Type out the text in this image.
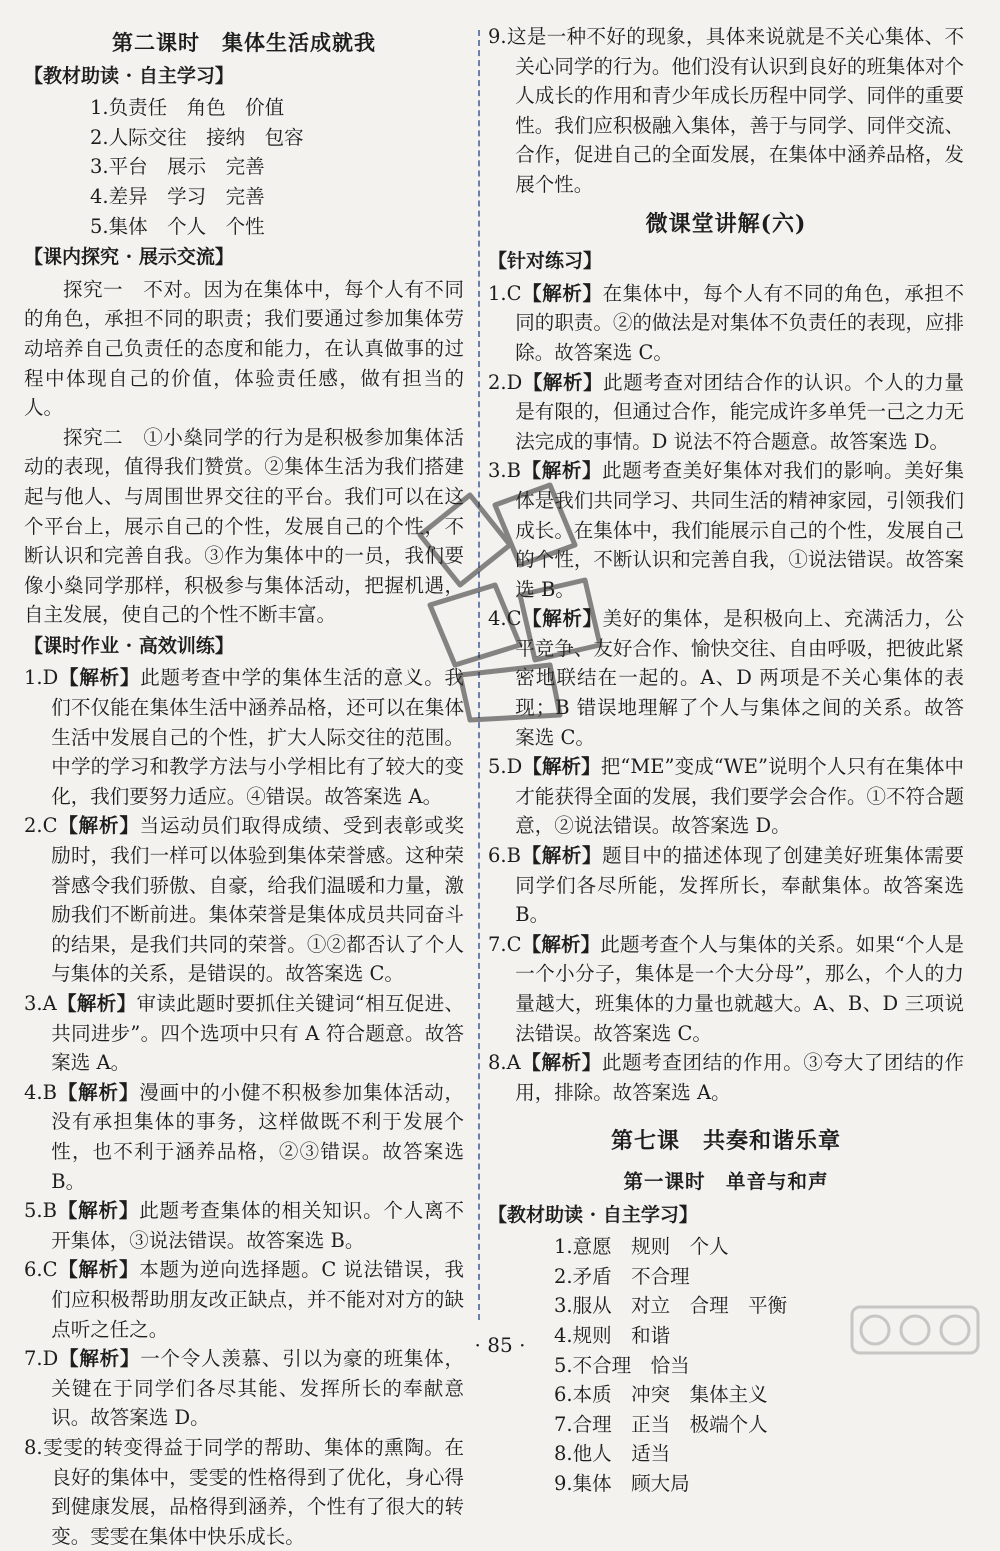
第二课时　集体生活成就我
【教材助读 · 自主学习】

1.负责任　角色　价值

2.人际交往　接纳　包容

3.平台　展示　完善

4.差异　学习　完善

5.集体　个人　个性

【课内探究 · 展示交流】

探究一　不对。因为在集体中，每个人有不同的角色，承担不同的职责；我们要通过参加集体劳动培养自己负责任的态度和能力，在认真做事的过程中体现自己的价值，体验责任感，做有担当的人。

探究二　①小燊同学的行为是积极参加集体活动的表现，值得我们赞赏。②集体生活为我们搭建起与他人、与周围世界交往的平台。我们可以在这个平台上，展示自己的个性，发展自己的个性，不断认识和完善自我。③作为集体中的一员，我们要像小燊同学那样，积极参与集体活动，把握机遇，自主发展，使自己的个性不断丰富。

【课时作业 · 高效训练】

1.D【解析】此题考查中学的集体生活的意义。我们不仅能在集体生活中涵养品格，还可以在集体生活中发展自己的个性，扩大人际交往的范围。中学的学习和教学方法与小学相比有了较大的变化，我们要努力适应。④错误。故答案选 A。

2.C【解析】当运动员们取得成绩、受到表彰或奖励时，我们一样可以体验到集体荣誉感。这种荣誉感令我们骄傲、自豪，给我们温暖和力量，激励我们不断前进。集体荣誉是集体成员共同奋斗的结果，是我们共同的荣誉。①②都否认了个人与集体的关系，是错误的。故答案选 C。

3.A【解析】审读此题时要抓住关键词“相互促进、共同进步”。四个选项中只有 A 符合题意。故答案选 A。

4.B【解析】漫画中的小健不积极参加集体活动，没有承担集体的事务，这样做既不利于发展个性，也不利于涵养品格，②③错误。故答案选 B。

5.B【解析】此题考查集体的相关知识。个人离不开集体，③说法错误。故答案选 B。

6.C【解析】本题为逆向选择题。C 说法错误，我们应积极帮助朋友改正缺点，并不能对对方的缺点听之任之。

7.D【解析】一个令人羡慕、引以为豪的班集体，关键在于同学们各尽其能、发挥所长的奉献意识。故答案选 D。

8.雯雯的转变得益于同学的帮助、集体的熏陶。在良好的集体中，雯雯的性格得到了优化，身心得到健康发展，品格得到涵养，个性有了很大的转变。雯雯在集体中快乐成长。

9.这是一种不好的现象，具体来说就是不关心集体、不关心同学的行为。他们没有认识到良好的班集体对个人成长的作用和青少年成长历程中同学、同伴的重要性。我们应积极融入集体，善于与同学、同伴交流、合作，促进自己的全面发展，在集体中涵养品格，发展个性。

微课堂讲解(六)
【针对练习】

1.C【解析】在集体中，每个人有不同的角色，承担不同的职责。②的做法是对集体不负责任的表现，应排除。故答案选 C。

2.D【解析】此题考查对团结合作的认识。个人的力量是有限的，但通过合作，能完成许多单凭一己之力无法完成的事情。D 说法不符合题意。故答案选 D。

3.B【解析】此题考查美好集体对我们的影响。美好集体是我们共同学习、共同生活的精神家园，引领我们成长。在集体中，我们能展示自己的个性，发展自己的个性，不断认识和完善自我，①说法错误。故答案选 B。

4.C【解析】美好的集体，是积极向上、充满活力，公平竞争、友好合作、愉快交往、自由呼吸，把彼此紧密地联结在一起的。A、D 两项是不关心集体的表现；B 错误地理解了个人与集体之间的关系。故答案选 C。

5.D【解析】把“ME”变成“WE”说明个人只有在集体中才能获得全面的发展，我们要学会合作。①不符合题意，②说法错误。故答案选 D。

6.B【解析】题目中的描述体现了创建美好班集体需要同学们各尽所能，发挥所长，奉献集体。故答案选 B。

7.C【解析】此题考查个人与集体的关系。如果“个人是一个小分子，集体是一个大分母”，那么，个人的力量越大，班集体的力量也就越大。A、B、D 三项说法错误。故答案选 C。

8.A【解析】此题考查团结的作用。③夸大了团结的作用，排除。故答案选 A。

第七课　共奏和谐乐章
第一课时　单音与和声
【教材助读 · 自主学习】

1.意愿　规则　个人

2.矛盾　不合理

3.服从　对立　合理　平衡

4.规则　和谐

5.不合理　恰当

6.本质　冲突　集体主义

7.合理　正当　极端个人

8.他人　适当

9.集体　顾大局

· 85 ·
